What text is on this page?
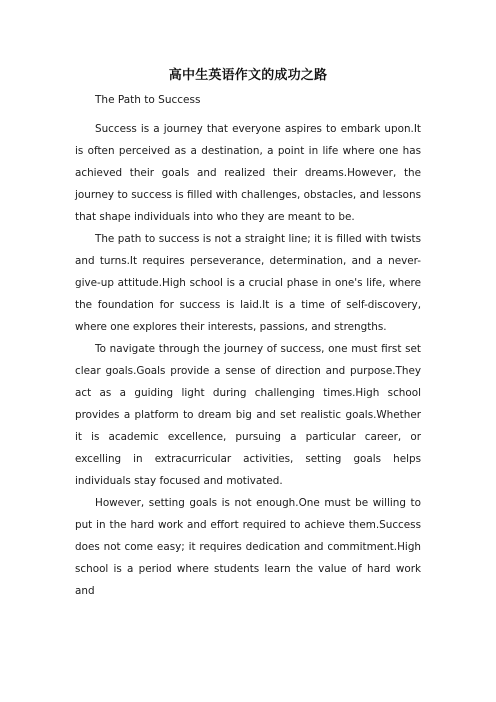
高中生英语作文的成功之路
The Path to Success

Success is a journey that everyone aspires to embark upon.It is often perceived as a destination, a point in life where one has achieved their goals and realized their dreams.However, the journey to success is filled with challenges, obstacles, and lessons that shape individuals into who they are meant to be.

The path to success is not a straight line; it is filled with twists and turns.It requires perseverance, determination, and a never-give-up attitude.High school is a crucial phase in one's life, where the foundation for success is laid.It is a time of self-discovery, where one explores their interests, passions, and strengths.

To navigate through the journey of success, one must first set clear goals.Goals provide a sense of direction and purpose.They act as a guiding light during challenging times.High school provides a platform to dream big and set realistic goals.Whether it is academic excellence, pursuing a particular career, or excelling in extracurricular activities, setting goals helps individuals stay focused and motivated.

However, setting goals is not enough.One must be willing to put in the hard work and effort required to achieve them.Success does not come easy; it requires dedication and commitment.High school is a period where students learn the value of hard work and
